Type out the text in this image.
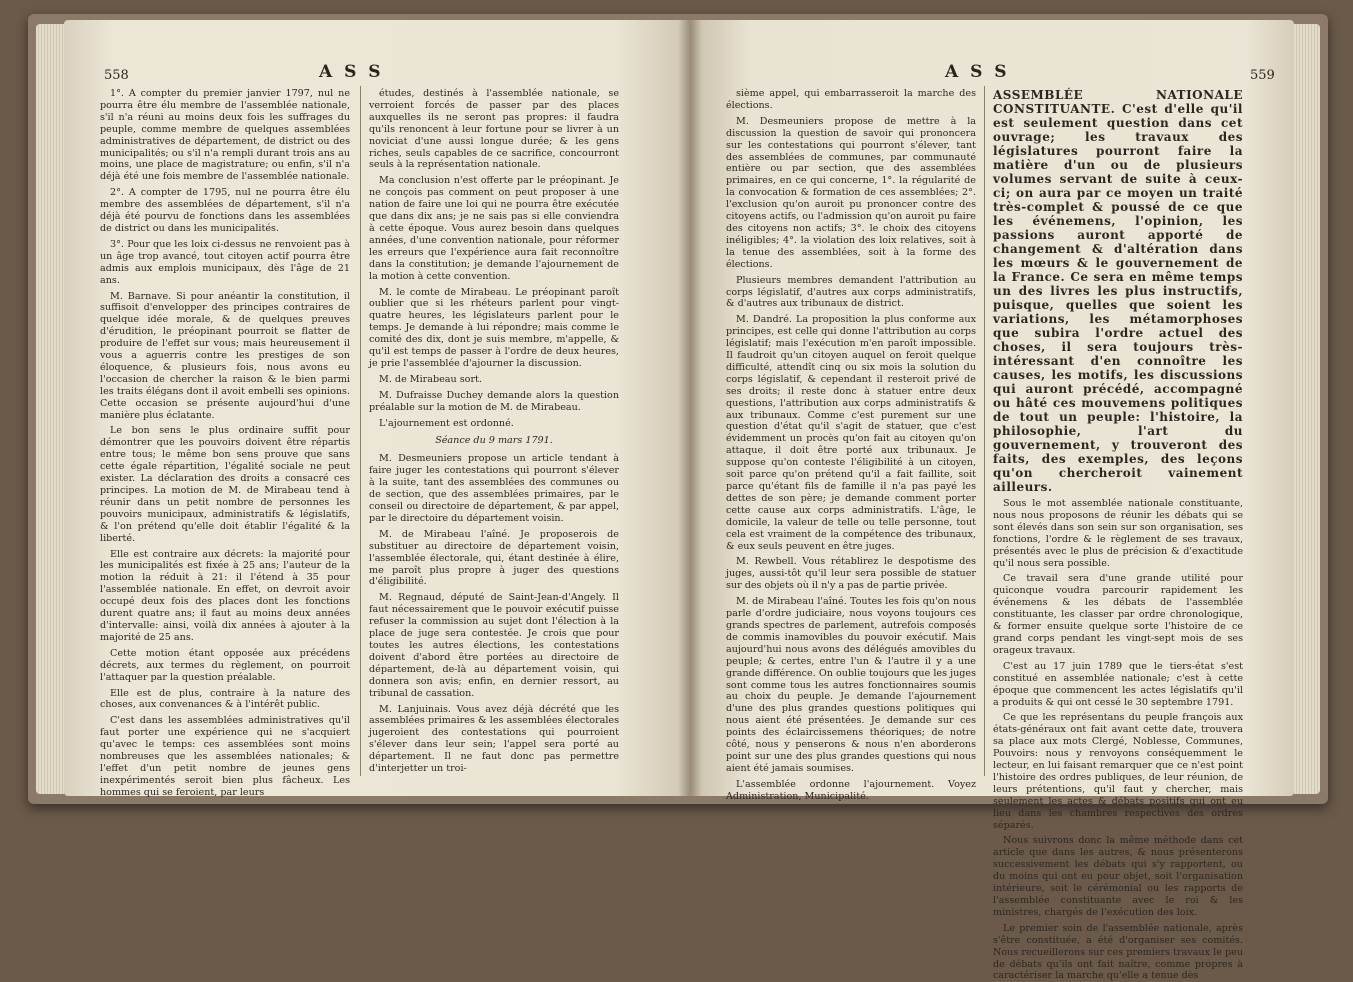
558	A S S

1°. A compter du premier janvier 1797, nul ne pourra être élu membre de l'assemblée nationale, s'il n'a réuni au moins deux fois les suffrages du peuple, comme membre de quelques assemblées administratives de département, de district ou des municipalités; ou s'il n'a rempli durant trois ans au moins, une place de magistrature; ou enfin, s'il n'a déjà été une fois membre de l'assemblée nationale.

2°. A compter de 1795, nul ne pourra être élu membre des assemblées de département, s'il n'a déjà été pourvu de fonctions dans les assemblées de district ou dans les municipalités.

3°. Pour que les loix ci-dessus ne renvoient pas à un âge trop avancé, tout citoyen actif pourra être admis aux emplois municipaux, dès l'âge de 21 ans.

M. Barnave. Si pour anéantir la constitution, il suffisoit d'envelopper des principes contraires de quelque idée morale, & de quelques preuves d'érudition, le préopinant pourroit se flatter de produire de l'effet sur vous; mais heureusement il vous a aguerris contre les prestiges de son éloquence, & plusieurs fois, nous avons eu l'occasion de chercher la raison & le bien parmi les traits élégans dont il avoit embelli ses opinions. Cette occasion se présente aujourd'hui d'une manière plus éclatante.

Le bon sens le plus ordinaire suffit pour démontrer que les pouvoirs doivent être répartis entre tous; le même bon sens prouve que sans cette égale répartition, l'égalité sociale ne peut exister. La déclaration des droits a consacré ces principes. La motion de M. de Mirabeau tend à réunir dans un petit nombre de personnes les pouvoirs municipaux, administratifs & législatifs, & l'on prétend qu'elle doit établir l'égalité & la liberté.

Elle est contraire aux décrets: la majorité pour les municipalités est fixée à 25 ans; l'auteur de la motion la réduit à 21: il l'étend à 35 pour l'assemblée nationale. En effet, on devroit avoir occupé deux fois des places dont les fonctions durent quatre ans; il faut au moins deux années d'intervalle: ainsi, voilà dix années à ajouter à la majorité de 25 ans.

Cette motion étant opposée aux précédens décrets, aux termes du règlement, on pourroit l'attaquer par la question préalable.

Elle est de plus, contraire à la nature des choses, aux convenances & à l'intérêt public.

C'est dans les assemblées administratives qu'il faut porter une expérience qui ne s'acquiert qu'avec le temps: ces assemblées sont moins nombreuses que les assemblées nationales; & l'effet d'un petit nombre de jeunes gens inexpérimentés seroit bien plus fâcheux. Les hommes qui se feroient, par leurs

études, destinés à l'assemblée nationale, se verroient forcés de passer par des places auxquelles ils ne seront pas propres: il faudra qu'ils renoncent à leur fortune pour se livrer à un noviciat d'une aussi longue durée; & les gens riches, seuls capables de ce sacrifice, concourront seuls à la représentation nationale.

Ma conclusion n'est offerte par le préopinant. Je ne conçois pas comment on peut proposer à une nation de faire une loi qui ne pourra être exécutée que dans dix ans; je ne sais pas si elle conviendra à cette époque. Vous aurez besoin dans quelques années, d'une convention nationale, pour réformer les erreurs que l'expérience aura fait reconnoître dans la constitution; je demande l'ajournement de la motion à cette convention.

M. le comte de Mirabeau. Le préopinant paroît oublier que si les rhéteurs parlent pour vingt-quatre heures, les législateurs parlent pour le temps. Je demande à lui répondre; mais comme le comité des dix, dont je suis membre, m'appelle, & qu'il est temps de passer à l'ordre de deux heures, je prie l'assemblée d'ajourner la discussion.

M. de Mirabeau sort.

M. Dufraisse Duchey demande alors la question préalable sur la motion de M. de Mirabeau.

L'ajournement est ordonné.

Séance du 9 mars 1791.

M. Desmeuniers propose un article tendant à faire juger les contestations qui pourront s'élever à la suite, tant des assemblées des communes ou de section, que des assemblées primaires, par le conseil ou directoire de département, & par appel, par le directoire du département voisin.

M. de Mirabeau l'aîné. Je proposerois de substituer au directoire de département voisin, l'assemblée électorale, qui, étant destinée à élire, me paroît plus propre à juger des questions d'éligibilité.

M. Regnaud, député de Saint-Jean-d'Angely. Il faut nécessairement que le pouvoir exécutif puisse refuser la commission au sujet dont l'élection à la place de juge sera contestée. Je crois que pour toutes les autres élections, les contestations doivent d'abord être portées au directoire de département, de-là au département voisin, qui donnera son avis; enfin, en dernier ressort, au tribunal de cassation.

M. Lanjuinais. Vous avez déjà décrété que les assemblées primaires & les assemblées électorales jugeroient des contestations qui pourroient s'élever dans leur sein; l'appel sera porté au département. Il ne faut donc pas permettre d'interjetter un troi-

A S S	559

sième appel, qui embarrasseroit la marche des élections.

M. Desmeuniers propose de mettre à la discussion la question de savoir qui prononcera sur les contestations qui pourront s'élever, tant des assemblées de communes, par communauté entière ou par section, que des assemblées primaires, en ce qui concerne, 1°. la régularité de la convocation & formation de ces assemblées; 2°. l'exclusion qu'on auroit pu prononcer contre des citoyens actifs, ou l'admission qu'on auroit pu faire des citoyens non actifs; 3°. le choix des citoyens inéligibles; 4°. la violation des loix relatives, soit à la tenue des assemblées, soit à la forme des élections.

Plusieurs membres demandent l'attribution au corps législatif, d'autres aux corps administratifs, & d'autres aux tribunaux de district.

M. Dandré. La proposition la plus conforme aux principes, est celle qui donne l'attribution au corps législatif; mais l'exécution m'en paroît impossible. Il faudroit qu'un citoyen auquel on feroit quelque difficulté, attendît cinq ou six mois la solution du corps législatif, & cependant il resteroit privé de ses droits; il reste donc à statuer entre deux questions, l'attribution aux corps administratifs & aux tribunaux. Comme c'est purement sur une question d'état qu'il s'agit de statuer, que c'est évidemment un procès qu'on fait au citoyen qu'on attaque, il doit être porté aux tribunaux. Je suppose qu'on conteste l'éligibilité à un citoyen, soit parce qu'on prétend qu'il a fait faillite, soit parce qu'étant fils de famille il n'a pas payé les dettes de son père; je demande comment porter cette cause aux corps administratifs. L'âge, le domicile, la valeur de telle ou telle personne, tout cela est vraiment de la compétence des tribunaux, & eux seuls peuvent en être juges.

M. Rewbell. Vous rétablirez le despotisme des juges, aussi-tôt qu'il leur sera possible de statuer sur des objets où il n'y a pas de partie privée.

M. de Mirabeau l'aîné. Toutes les fois qu'on nous parle d'ordre judiciaire, nous voyons toujours ces grands spectres de parlement, autrefois composés de commis inamovibles du pouvoir exécutif. Mais aujourd'hui nous avons des délégués amovibles du peuple; & certes, entre l'un & l'autre il y a une grande différence. On oublie toujours que les juges sont comme tous les autres fonctionnaires soumis au choix du peuple. Je demande l'ajournement d'une des plus grandes questions politiques qui nous aient été présentées. Je demande sur ces points des éclaircissemens théoriques; de notre côté, nous y penserons & nous n'en aborderons point sur une des plus grandes questions qui nous aient été jamais soumises.

L'assemblée ordonne l'ajournement. Voyez Administration, Municipalité.

ASSEMBLÉE NATIONALE CONSTITUANTE. C'est d'elle qu'il est seulement question dans cet ouvrage; les travaux des législatures pourront faire la matière d'un ou de plusieurs volumes servant de suite à ceux-ci; on aura par ce moyen un traité très-complet & poussé de ce que les événemens, l'opinion, les passions auront apporté de changement & d'altération dans les mœurs & le gouvernement de la France. Ce sera en même temps un des livres les plus instructifs, puisque, quelles que soient les variations, les métamorphoses que subira l'ordre actuel des choses, il sera toujours très-intéressant d'en connoître les causes, les motifs, les discussions qui auront précédé, accompagné ou hâté ces mouvemens politiques de tout un peuple: l'histoire, la philosophie, l'art du gouvernement, y trouveront des faits, des exemples, des leçons qu'on chercheroit vainement ailleurs.

Sous le mot assemblée nationale constituante, nous nous proposons de réunir les débats qui se sont élevés dans son sein sur son organisation, ses fonctions, l'ordre & le règlement de ses travaux, présentés avec le plus de précision & d'exactitude qu'il nous sera possible.

Ce travail sera d'une grande utilité pour quiconque voudra parcourir rapidement les événemens & les débats de l'assemblée constituante, les classer par ordre chronologique, & former ensuite quelque sorte l'histoire de ce grand corps pendant les vingt-sept mois de ses orageux travaux.

C'est au 17 juin 1789 que le tiers-état s'est constitué en assemblée nationale; c'est à cette époque que commencent les actes législatifs qu'il a produits & qui ont cessé le 30 septembre 1791.

Ce que les représentans du peuple françois aux états-généraux ont fait avant cette date, trouvera sa place aux mots Clergé, Noblesse, Communes, Pouvoirs: nous y renvoyons conséquemment le lecteur, en lui faisant remarquer que ce n'est point l'histoire des ordres publiques, de leur réunion, de leurs prétentions, qu'il faut y chercher, mais seulement les actes & débats positifs qui ont eu lieu dans les chambres respectives des ordres séparés.

Nous suivrons donc la même méthode dans cet article que dans les autres, & nous présenterons successivement les débats qui s'y rapportent, ou du moins qui ont eu pour objet, soit l'organisation intérieure, soit le cérémonial ou les rapports de l'assemblée constituante avec le roi & les ministres, chargés de l'exécution des loix.

Le premier soin de l'assemblée nationale, après s'être constituée, a été d'organiser ses comités. Nous recueillerons sur ces premiers travaux le peu de débats qu'ils ont fait naître, comme propres à caractériser la marche qu'elle a tenue dès
